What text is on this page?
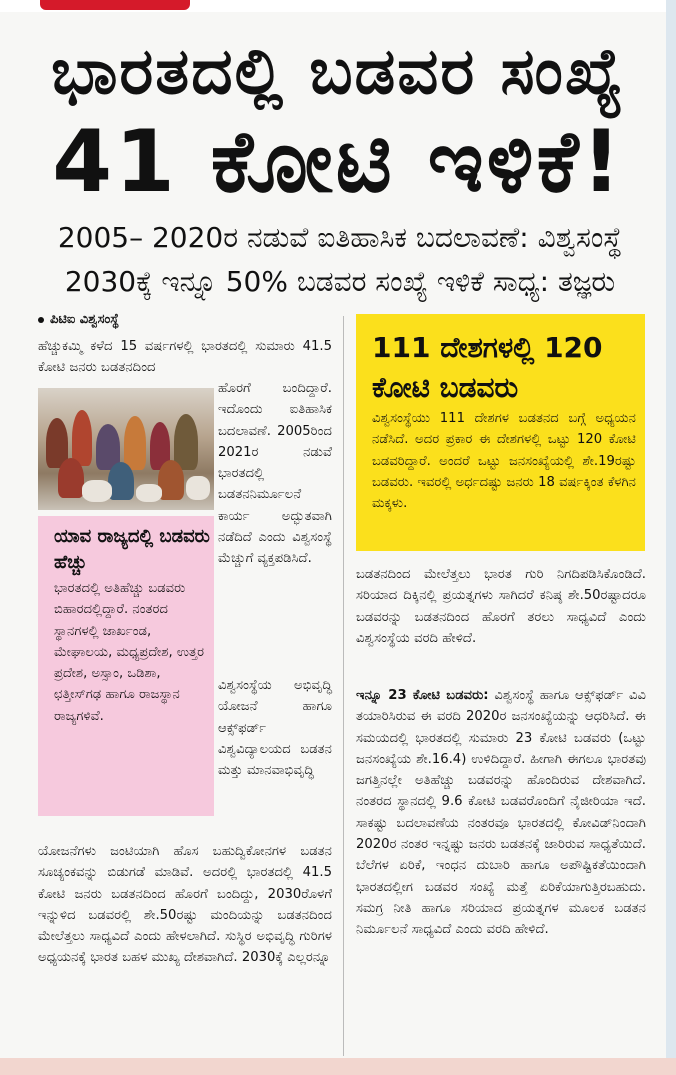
ಭಾರತದಲ್ಲಿ ಬಡವರ ಸಂಖ್ಯೆ
41 ಕೋಟಿ ಇಳಿಕೆ!
2005– 2020ರ ನಡುವೆ ಐತಿಹಾಸಿಕ ಬದಲಾವಣೆ: ವಿಶ್ವಸಂಸ್ಥೆ
2030ಕ್ಕೆ ಇನ್ನೂ 50% ಬಡವರ ಸಂಖ್ಯೆ ಇಳಿಕೆ ಸಾಧ್ಯ: ತಜ್ಞರು
ಪಿಟಿಐ ವಿಶ್ವಸಂಸ್ಥೆ
ಹೆಚ್ಚುಕಮ್ಮಿ ಕಳೆದ 15 ವರ್ಷಗಳಲ್ಲಿ ಭಾರತದಲ್ಲಿ ಸುಮಾರು 41.5 ಕೋಟಿ ಜನರು ಬಡತನದಿಂದ
ಹೊರಗೆ ಬಂದಿದ್ದಾರೆ. ಇದೊಂದು ಐತಿಹಾಸಿಕ ಬದಲಾವಣೆ. 2005ರಿಂದ 2021ರ ನಡುವೆ ಭಾರತದಲ್ಲಿ ಬಡತನನಿರ್ಮೂಲನೆ ಕಾರ್ಯ ಅದ್ಭುತವಾಗಿ ನಡೆದಿದೆ ಎಂದು ವಿಶ್ವಸಂಸ್ಥೆ ಮೆಚ್ಚುಗೆ ವ್ಯಕ್ತಪಡಿಸಿದೆ.
ಯಾವ ರಾಜ್ಯದಲ್ಲಿ ಬಡವರು ಹೆಚ್ಚು
ಭಾರತದಲ್ಲಿ ಅತಿಹೆಚ್ಚು ಬಡವರು ಬಿಹಾರದಲ್ಲಿದ್ದಾರೆ. ನಂತರದ ಸ್ಥಾನಗಳಲ್ಲಿ ಜಾರ್ಖಂಡ, ಮೇಘಾಲಯ, ಮಧ್ಯಪ್ರದೇಶ, ಉತ್ತರ ಪ್ರದೇಶ, ಅಸ್ಸಾಂ, ಒಡಿಶಾ, ಛತ್ತೀಸ್‌ಗಢ ಹಾಗೂ ರಾಜಸ್ಥಾನ ರಾಜ್ಯಗಳಿವೆ.
ವಿಶ್ವಸಂಸ್ಥೆಯ ಅಭಿವೃದ್ಧಿ ಯೋಜನೆ ಹಾಗೂ ಆಕ್ಸ್‌ಫರ್ಡ್ ವಿಶ್ವವಿದ್ಯಾಲಯದ ಬಡತನ ಮತ್ತು ಮಾನವಾಭಿವೃದ್ಧಿ
ಯೋಜನೆಗಳು ಜಂಟಿಯಾಗಿ ಹೊಸ ಬಹುದ್ವಿಕೋನಗಳ ಬಡತನ ಸೂಚ್ಯಂಕವನ್ನು ಬಿಡುಗಡೆ ಮಾಡಿವೆ. ಅದರಲ್ಲಿ ಭಾರತದಲ್ಲಿ 41.5 ಕೋಟಿ ಜನರು ಬಡತನದಿಂದ ಹೊರಗೆ ಬಂದಿದ್ದು, 2030ರೊಳಗೆ ಇನ್ನುಳಿದ ಬಡವರಲ್ಲಿ ಶೇ.50ರಷ್ಟು ಮಂದಿಯನ್ನು ಬಡತನದಿಂದ ಮೇಲೆತ್ತಲು ಸಾಧ್ಯವಿದೆ ಎಂದು ಹೇಳಲಾಗಿದೆ. ಸುಸ್ಥಿರ ಅಭಿವೃದ್ಧಿ ಗುರಿಗಳ ಅಧ್ಯಯನಕ್ಕೆ ಭಾರತ ಬಹಳ ಮುಖ್ಯ ದೇಶವಾಗಿದೆ. 2030ಕ್ಕೆ ಎಲ್ಲರನ್ನೂ
111 ದೇಶಗಳಲ್ಲಿ 120 ಕೋಟಿ ಬಡವರು
ವಿಶ್ವಸಂಸ್ಥೆಯು 111 ದೇಶಗಳ ಬಡತನದ ಬಗ್ಗೆ ಅಧ್ಯಯನ ನಡೆಸಿದೆ. ಅದರ ಪ್ರಕಾರ ಈ ದೇಶಗಳಲ್ಲಿ ಒಟ್ಟು 120 ಕೋಟಿ ಬಡವರಿದ್ದಾರೆ. ಅಂದರೆ ಒಟ್ಟು ಜನಸಂಖ್ಯೆಯಲ್ಲಿ ಶೇ.19ರಷ್ಟು ಬಡವರು. ಇವರಲ್ಲಿ ಅರ್ಧದಷ್ಟು ಜನರು 18 ವರ್ಷಕ್ಕಿಂತ ಕೆಳಗಿನ ಮಕ್ಕಳು.
ಬಡತನದಿಂದ ಮೇಲೆತ್ತಲು ಭಾರತ ಗುರಿ ನಿಗದಿಪಡಿಸಿಕೊಂಡಿದೆ. ಸರಿಯಾದ ದಿಕ್ಕಿನಲ್ಲಿ ಪ್ರಯತ್ನಗಳು ಸಾಗಿದರೆ ಕನಿಷ್ಠ ಶೇ.50ರಷ್ಟಾದರೂ ಬಡವರನ್ನು ಬಡತನದಿಂದ ಹೊರಗೆ ತರಲು ಸಾಧ್ಯವಿದೆ ಎಂದು ವಿಶ್ವಸಂಸ್ಥೆಯ ವರದಿ ಹೇಳಿದೆ.
ಇನ್ನೂ 23 ಕೋಟಿ ಬಡವರು: ವಿಶ್ವಸಂಸ್ಥೆ ಹಾಗೂ ಆಕ್ಸ್‌ಫರ್ಡ್ ವಿವಿ ತಯಾರಿಸಿರುವ ಈ ವರದಿ 2020ರ ಜನಸಂಖ್ಯೆಯನ್ನು ಆಧರಿಸಿದೆ. ಈ ಸಮಯದಲ್ಲಿ ಭಾರತದಲ್ಲಿ ಸುಮಾರು 23 ಕೋಟಿ ಬಡವರು (ಒಟ್ಟು ಜನಸಂಖ್ಯೆಯ ಶೇ.16.4) ಉಳಿದಿದ್ದಾರೆ. ಹೀಗಾಗಿ ಈಗಲೂ ಭಾರತವು ಜಗತ್ತಿನಲ್ಲೇ ಅತಿಹೆಚ್ಚು ಬಡವರನ್ನು ಹೊಂದಿರುವ ದೇಶವಾಗಿದೆ. ನಂತರದ ಸ್ಥಾನದಲ್ಲಿ 9.6 ಕೋಟಿ ಬಡವರೊಂದಿಗೆ ನೈಜೀರಿಯಾ ಇದೆ. ಸಾಕಷ್ಟು ಬದಲಾವಣೆಯ ನಂತರವೂ ಭಾರತದಲ್ಲಿ ಕೋವಿಡ್‌ನಿಂದಾಗಿ 2020ರ ನಂತರ ಇನ್ನಷ್ಟು ಜನರು ಬಡತನಕ್ಕೆ ಜಾರಿರುವ ಸಾಧ್ಯತೆಯಿದೆ. ಬೆಲೆಗಳ ಏರಿಕೆ, ಇಂಧನ ದುಬಾರಿ ಹಾಗೂ ಅಪೌಷ್ಟಿಕತೆಯಿಂದಾಗಿ ಭಾರತದಲ್ಲೀಗ ಬಡವರ ಸಂಖ್ಯೆ ಮತ್ತೆ ಏರಿಕೆಯಾಗುತ್ತಿರಬಹುದು. ಸಮಗ್ರ ನೀತಿ ಹಾಗೂ ಸರಿಯಾದ ಪ್ರಯತ್ನಗಳ ಮೂಲಕ ಬಡತನ ನಿರ್ಮೂಲನೆ ಸಾಧ್ಯವಿದೆ ಎಂದು ವರದಿ ಹೇಳಿದೆ.
